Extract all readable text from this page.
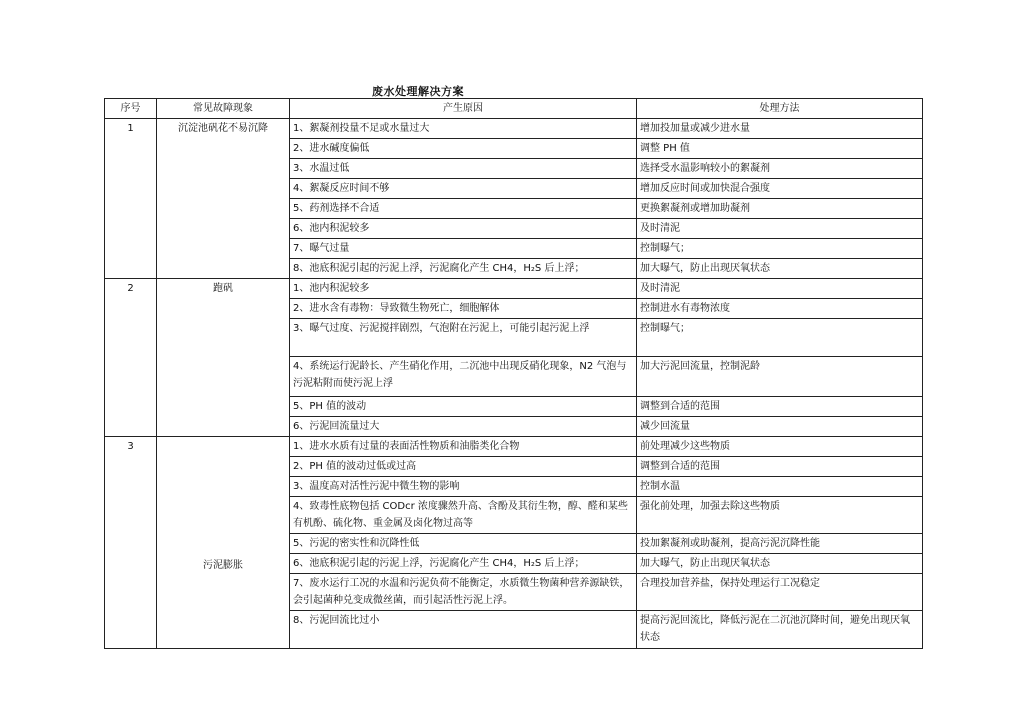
废水处理解决方案
序号	常见故障现象	产生原因	处理方法
1	沉淀池矾花不易沉降	1、絮凝剂投量不足或水量过大	增加投加量或减少进水量
		2、进水碱度偏低	调整 PH 值
		3、水温过低	选择受水温影响较小的絮凝剂
		4、絮凝反应时间不够	增加反应时间或加快混合强度
		5、药剂选择不合适	更换絮凝剂或增加助凝剂
		6、池内积泥较多	及时清泥
		7、曝气过量	控制曝气；
		8、池底积泥引起的污泥上浮，污泥腐化产生 CH4，H₂S 后上浮；	加大曝气，防止出现厌氧状态
2	跑矾	1、池内积泥较多	及时清泥
		2、进水含有毒物：导致微生物死亡，细胞解体	控制进水有毒物浓度
		3、曝气过度、污泥搅拌剧烈，气泡附在污泥上，可能引起污泥上浮	控制曝气；
		4、系统运行泥龄长、产生硝化作用，二沉池中出现反硝化现象，N2 气泡与污泥粘附而使污泥上浮	加大污泥回流量，控制泥龄
		5、PH 值的波动	调整到合适的范围
		6、污泥回流量过大	减少回流量
3	污泥膨胀	1、进水水质有过量的表面活性物质和油脂类化合物	前处理减少这些物质
		2、PH 值的波动过低或过高	调整到合适的范围
		3、温度高对活性污泥中微生物的影响	控制水温
		4、致毒性底物包括 CODcr 浓度骤然升高、含酚及其衍生物，醇、醛和某些有机酚、硫化物、重金属及卤化物过高等	强化前处理，加强去除这些物质
		5、污泥的密实性和沉降性低	投加絮凝剂或助凝剂，提高污泥沉降性能
		6、池底积泥引起的污泥上浮，污泥腐化产生 CH4，H₂S 后上浮；	加大曝气，防止出现厌氧状态
		7、废水运行工况的水温和污泥负荷不能衡定，水质微生物菌种营养源缺铁，会引起菌种兑变成微丝菌，而引起活性污泥上浮。	合理投加营养盐，保持处理运行工况稳定
		8、污泥回流比过小	提高污泥回流比，降低污泥在二沉池沉降时间，避免出现厌氧状态
